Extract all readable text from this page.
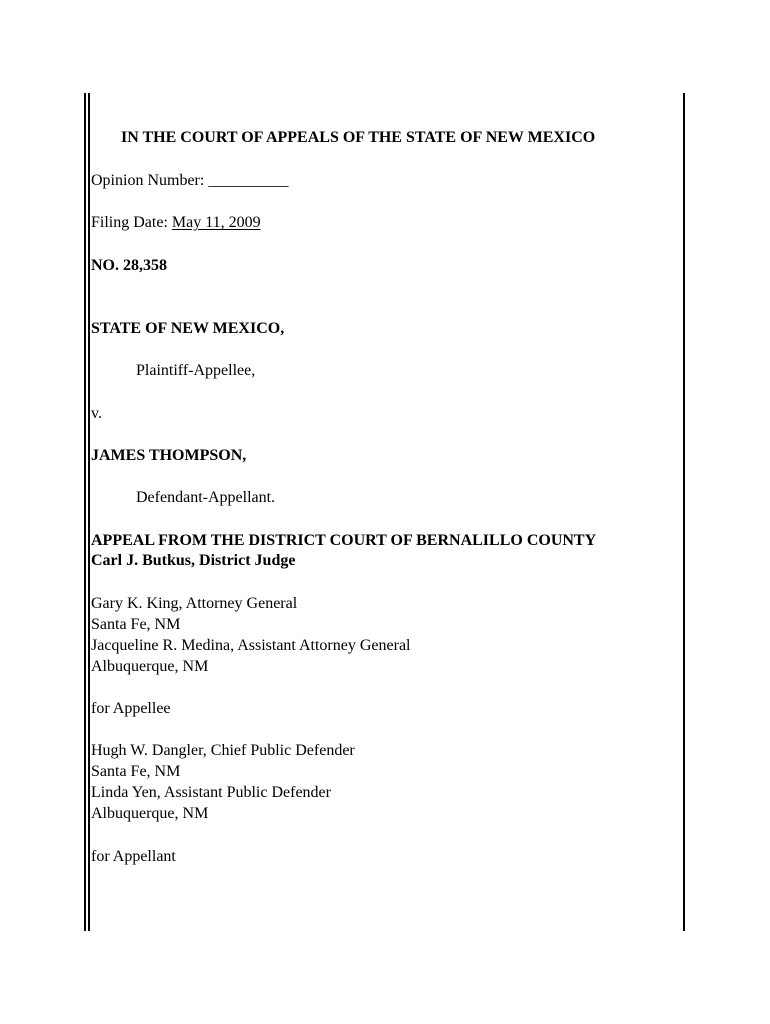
IN THE COURT OF APPEALS OF THE STATE OF NEW MEXICO
Opinion Number: __________
Filing Date: May 11, 2009
NO. 28,358
STATE OF NEW MEXICO,
Plaintiff-Appellee,
v.
JAMES THOMPSON,
Defendant-Appellant.
APPEAL FROM THE DISTRICT COURT OF BERNALILLO COUNTY
Carl J. Butkus, District Judge
Gary K. King, Attorney General
Santa Fe, NM
Jacqueline R. Medina, Assistant Attorney General
Albuquerque, NM
for Appellee
Hugh W. Dangler, Chief Public Defender
Santa Fe, NM
Linda Yen, Assistant Public Defender
Albuquerque, NM
for Appellant
